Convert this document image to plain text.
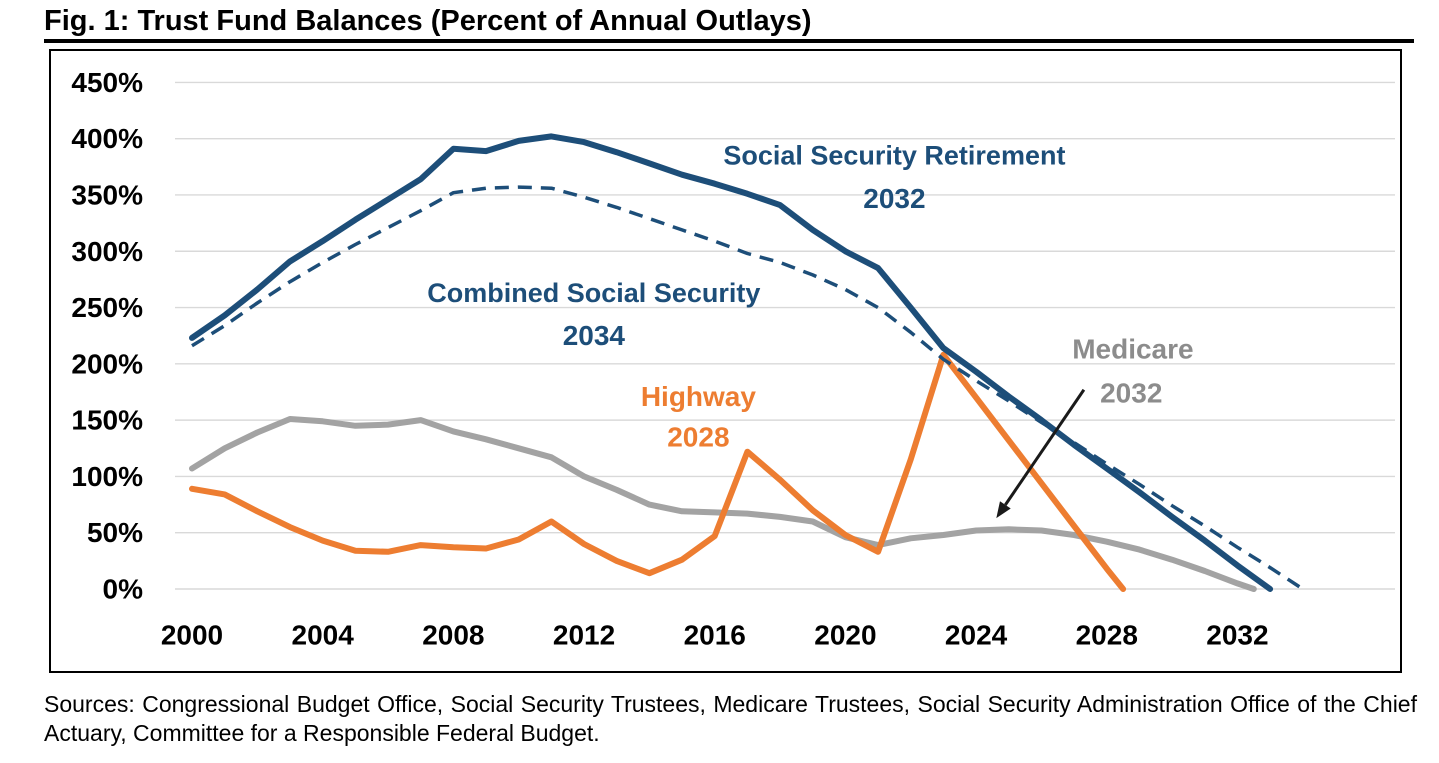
Fig. 1: Trust Fund Balances (Percent of Annual Outlays)
450%
400%
350%
300%
250%
200%
150%
100%
50%
0%
2000 2004 2008 2012 2016 2020 2024 2028 2032
Social Security Retirement
2032
Combined Social Security
2034
Highway
2028
Medicare
2032
Sources: Congressional Budget Office, Social Security Trustees, Medicare Trustees, Social Security Administration Office of the Chief Actuary, Committee for a Responsible Federal Budget.
